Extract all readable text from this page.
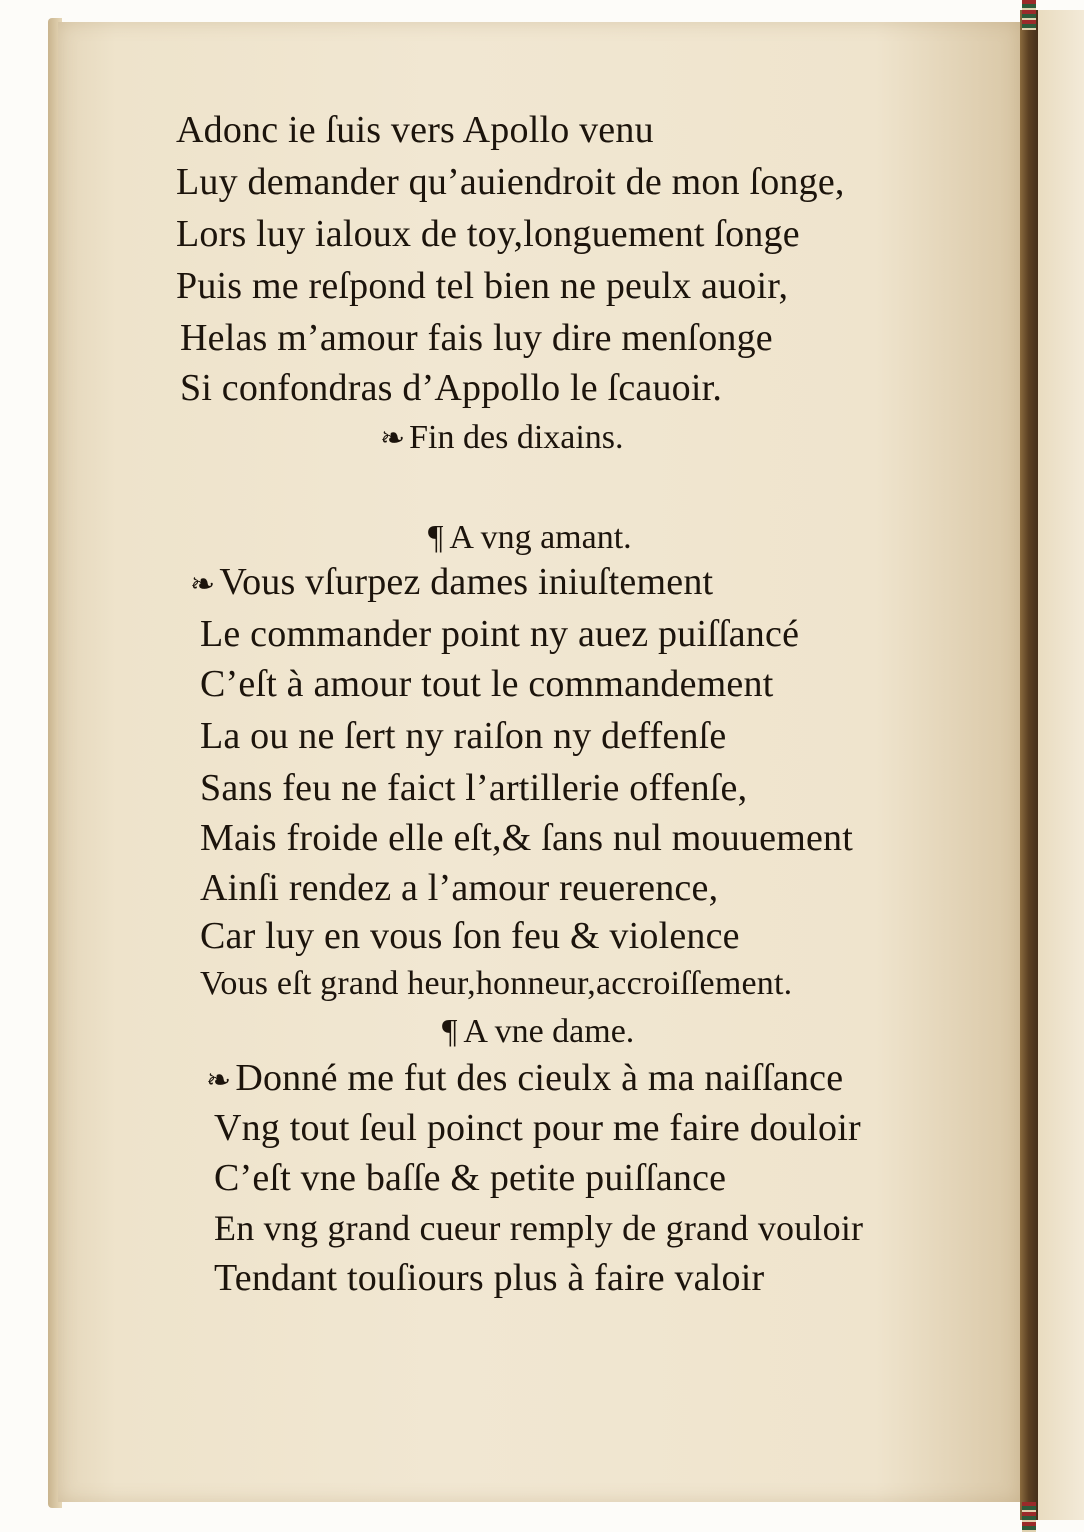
Adonc ie ſuis vers Apollo venu
Luy demander qu’auiendroit de mon ſonge,
Lors luy ialoux de toy,longuement ſonge
Puis me reſpond tel bien ne peulx auoir,
Helas m’amour fais luy dire menſonge
Si confondras d’Appollo le ſcauoir.
❧ Fin des dixains.
¶ A vng amant.
❧ Vous vſurpez dames iniuſtement
Le commander point ny auez puiſſancé
C’eſt à amour tout le commandement
La ou ne ſert ny raiſon ny deffenſe
Sans feu ne faict l’artillerie offenſe,
Mais froide elle eſt,& ſans nul mouuement
Ainſi rendez a l’amour reuerence,
Car luy en vous ſon feu & violence
Vous eſt grand heur,honneur,accroiſſement.
¶ A vne dame.
❧ Donné me fut des cieulx à ma naiſſance
Vng tout ſeul poinct pour me faire douloir
C’eſt vne baſſe & petite puiſſance
En vng grand cueur remply de grand vouloir
Tendant touſiours plus à faire valoir
